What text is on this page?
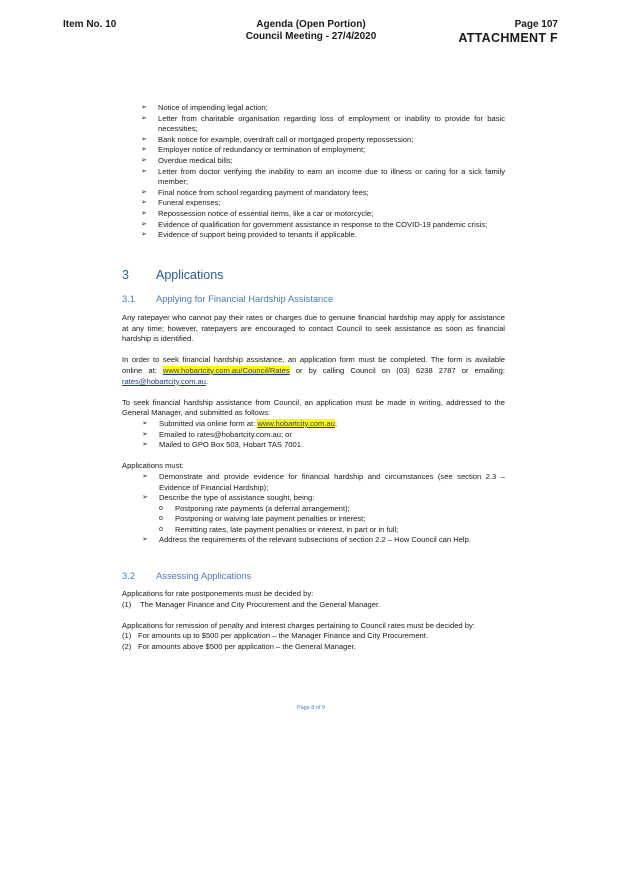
Item No. 10	Agenda (Open Portion)
Council Meeting - 27/4/2020
Page 107
ATTACHMENT F
➢ Notice of impending legal action;
➢ Letter from charitable organisation regarding loss of employment or inability to provide for basic necessities;
➢ Bank notice for example, overdraft call or mortgaged property repossession;
➢ Employer notice of redundancy or termination of employment;
➢ Overdue medical bills;
➢ Letter from doctor verifying the inability to earn an income due to illness or caring for a sick family member;
➢ Final notice from school regarding payment of mandatory fees;
➢ Funeral expenses;
➢ Repossession notice of essential items, like a car or motorcycle;
➢ Evidence of qualification for government assistance in response to the COVID-19 pandemic crisis;
➢ Evidence of support being provided to tenants if applicable.
3 Applications
3.1 Applying for Financial Hardship Assistance

Any ratepayer who cannot pay their rates or charges due to genuine financial hardship may apply for assistance at any time; however, ratepayers are encouraged to contact Council to seek assistance as soon as financial hardship is identified.

In order to seek financial hardship assistance, an application form must be completed. The form is available online at: www.hobartcity.com.au/Council/Rates or by calling Council on (03) 6238 2787 or emailing: rates@hobartcity.com.au.

To seek financial hardship assistance from Council, an application must be made in writing, addressed to the General Manager, and submitted as follows:

➢ Submitted via online form at: www.hobartcity.com.au;
➢ Emailed to rates@hobartcity.com.au; or
➢ Mailed to GPO Box 503, Hobart TAS 7001.

Applications must:

➢ Demonstrate and provide evidence for financial hardship and circumstances (see section 2.3 – Evidence of Financial Hardship);
➢ Describe the type of assistance sought, being:
o Postponing rate payments (a deferral arrangement);
o Postponing or waiving late payment penalties or interest;
o Remitting rates, late payment penalties or interest, in part or in full;
➢ Address the requirements of the relevant subsections of section 2.2 – How Council can Help.
3.2 Assessing Applications

Applications for rate postponements must be decided by:

(1) The Manager Finance and City Procurement and the General Manager.

Applications for remission of penalty and interest charges pertaining to Council rates must be decided by:

(1) For amounts up to $500 per application – the Manager Finance and City Procurement.
(2) For amounts above $500 per application – the General Manager.
Page 8 of 9
